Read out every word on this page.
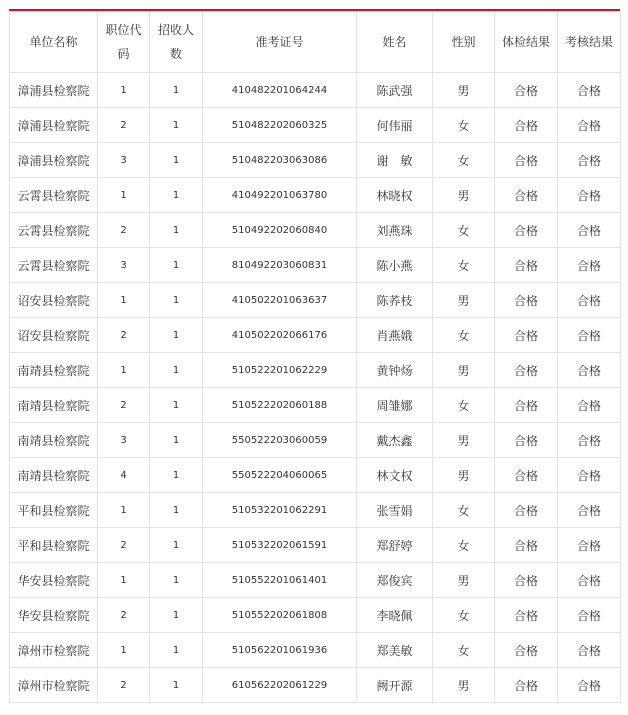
单位名称	职位代码	招收人数	准考证号	姓名	性别	体检结果	考核结果
漳浦县检察院	1	1	410482201064244	陈武强	男	合格	合格
漳浦县检察院	2	1	510482202060325	何伟丽	女	合格	合格
漳浦县检察院	3	1	510482203063086	谢　敏	女	合格	合格
云霄县检察院	1	1	410492201063780	林晓权	男	合格	合格
云霄县检察院	2	1	510492202060840	刘燕珠	女	合格	合格
云霄县检察院	3	1	810492203060831	陈小燕	女	合格	合格
诏安县检察院	1	1	410502201063637	陈荞枝	男	合格	合格
诏安县检察院	2	1	410502202066176	肖燕娥	女	合格	合格
南靖县检察院	1	1	510522201062229	黄钟炀	男	合格	合格
南靖县检察院	2	1	510522202060188	周雏娜	女	合格	合格
南靖县检察院	3	1	550522203060059	戴杰鑫	男	合格	合格
南靖县检察院	4	1	550522204060065	林文权	男	合格	合格
平和县检察院	1	1	510532201062291	张雪娟	女	合格	合格
平和县检察院	2	1	510532202061591	郑舒婷	女	合格	合格
华安县检察院	1	1	510552201061401	郑俊宾	男	合格	合格
华安县检察院	2	1	510552202061808	李晓佩	女	合格	合格
漳州市检察院	1	1	510562201061936	郑美敏	女	合格	合格
漳州市检察院	2	1	610562202061229	阙开源	男	合格	合格
